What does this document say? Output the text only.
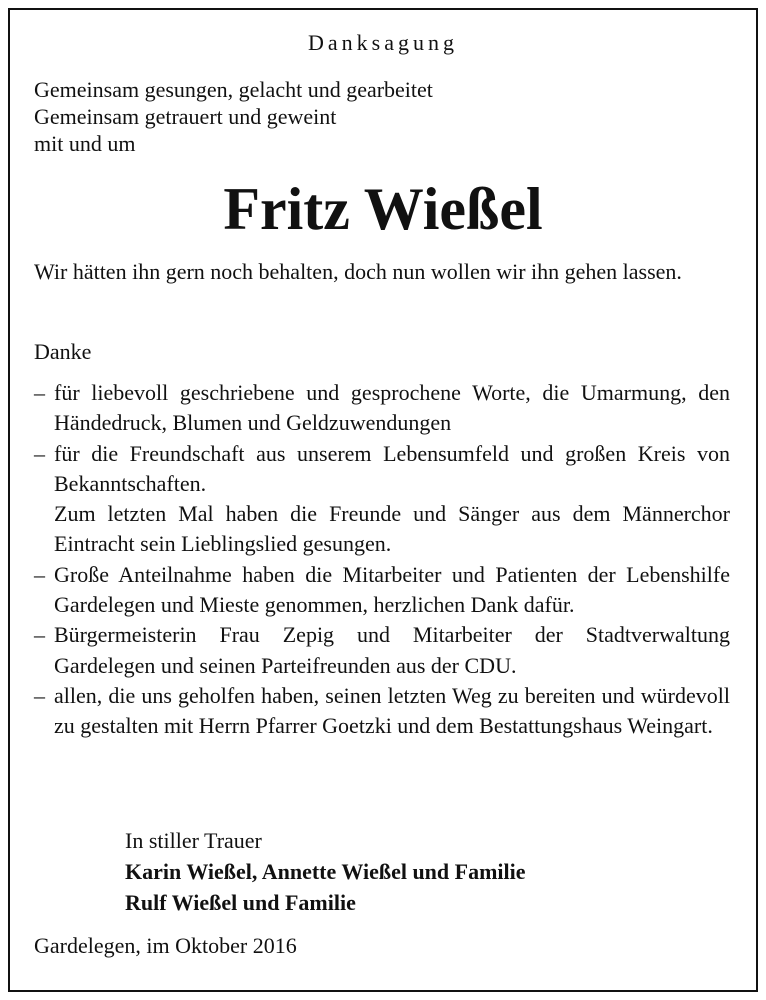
Danksagung
Gemeinsam gesungen, gelacht und gearbeitet
Gemeinsam getrauert und geweint
mit und um
Fritz Wießel
Wir hätten ihn gern noch behalten, doch nun wollen wir ihn gehen lassen.
Danke
– für liebevoll geschriebene und gesprochene Worte, die Umarmung, den Händedruck, Blumen und Geldzuwendungen
– für die Freundschaft aus unserem Lebensumfeld und großen Kreis von Bekanntschaften.
Zum letzten Mal haben die Freunde und Sänger aus dem Männerchor Eintracht sein Lieblingslied gesungen.
– Große Anteilnahme haben die Mitarbeiter und Patienten der Lebenshilfe Gardelegen und Mieste genommen, herzlichen Dank dafür.
– Bürgermeisterin Frau Zepig und Mitarbeiter der Stadtverwaltung Gardelegen und seinen Parteifreunden aus der CDU.
– allen, die uns geholfen haben, seinen letzten Weg zu bereiten und würdevoll zu gestalten mit Herrn Pfarrer Goetzki und dem Bestattungshaus Weingart.
In stiller Trauer
Karin Wießel, Annette Wießel und Familie
Rulf Wießel und Familie
Gardelegen, im Oktober 2016
